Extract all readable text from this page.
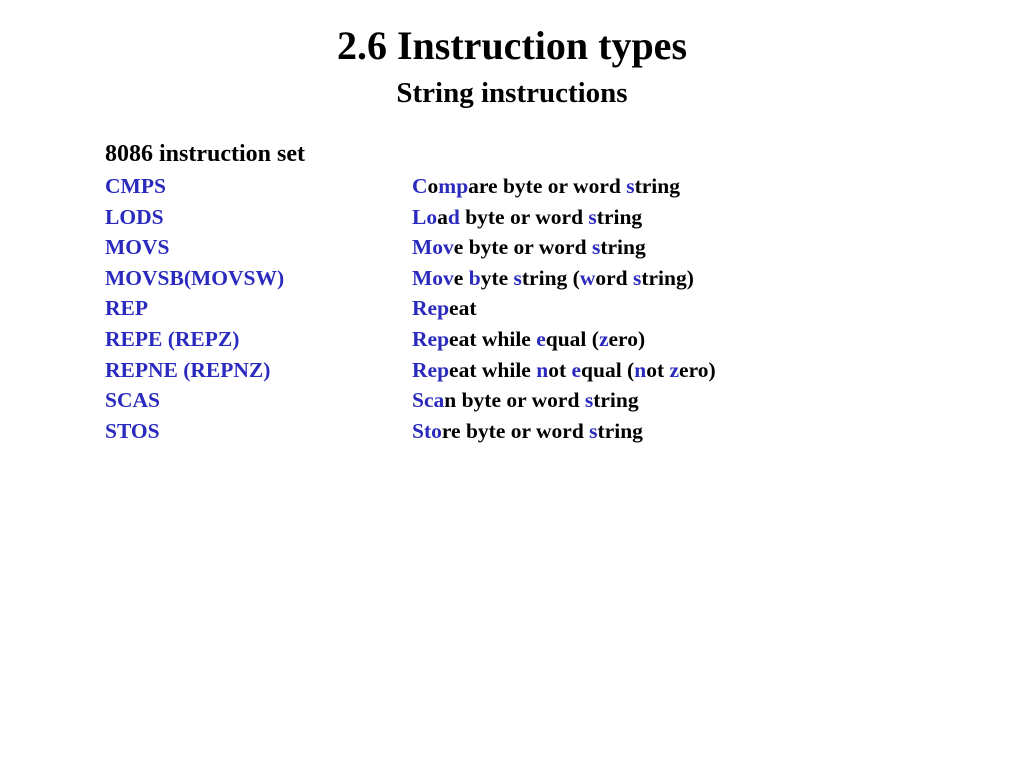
2.6 Instruction types
String instructions
8086 instruction set
CMPS	Compare byte or word string
LODS	Load byte or word string
MOVS	Move byte or word string
MOVSB(MOVSW)	Move byte string (word string)
REP	Repeat
REPE (REPZ)	Repeat while equal (zero)
REPNE (REPNZ)	Repeat while not equal (not zero)
SCAS	Scan byte or word string
STOS	Store byte or word string
